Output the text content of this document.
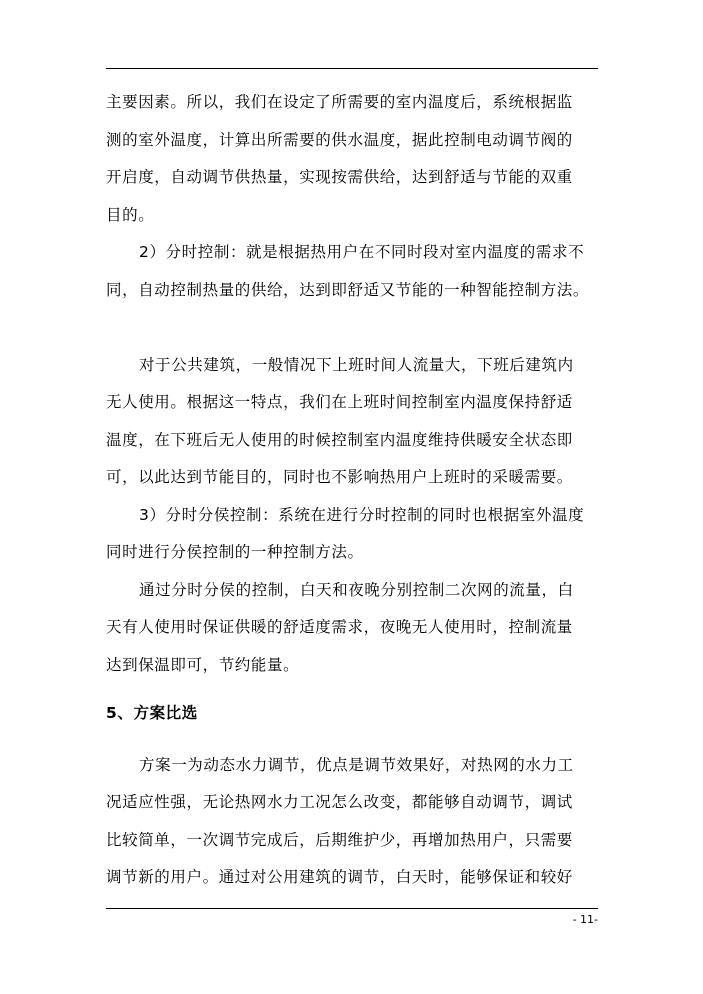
主要因素。所以，我们在设定了所需要的室内温度后，系统根据监
测的室外温度，计算出所需要的供水温度，据此控制电动调节阀的
开启度，自动调节供热量，实现按需供给，达到舒适与节能的双重
目的。
2）分时控制：就是根据热用户在不同时段对室内温度的需求不
同，自动控制热量的供给，达到即舒适又节能的一种智能控制方法。
对于公共建筑，一般情况下上班时间人流量大，下班后建筑内
无人使用。根据这一特点，我们在上班时间控制室内温度保持舒适
温度，在下班后无人使用的时候控制室内温度维持供暖安全状态即
可，以此达到节能目的，同时也不影响热用户上班时的采暖需要。
3）分时分侯控制：系统在进行分时控制的同时也根据室外温度
同时进行分侯控制的一种控制方法。
通过分时分侯的控制，白天和夜晚分别控制二次网的流量，白
天有人使用时保证供暖的舒适度需求，夜晚无人使用时，控制流量
达到保温即可，节约能量。
5、方案比选
方案一为动态水力调节，优点是调节效果好，对热网的水力工
况适应性强，无论热网水力工况怎么改变，都能够自动调节，调试
比较简单，一次调节完成后，后期维护少，再增加热用户，只需要
调节新的用户。通过对公用建筑的调节，白天时，能够保证和较好
- 11-
